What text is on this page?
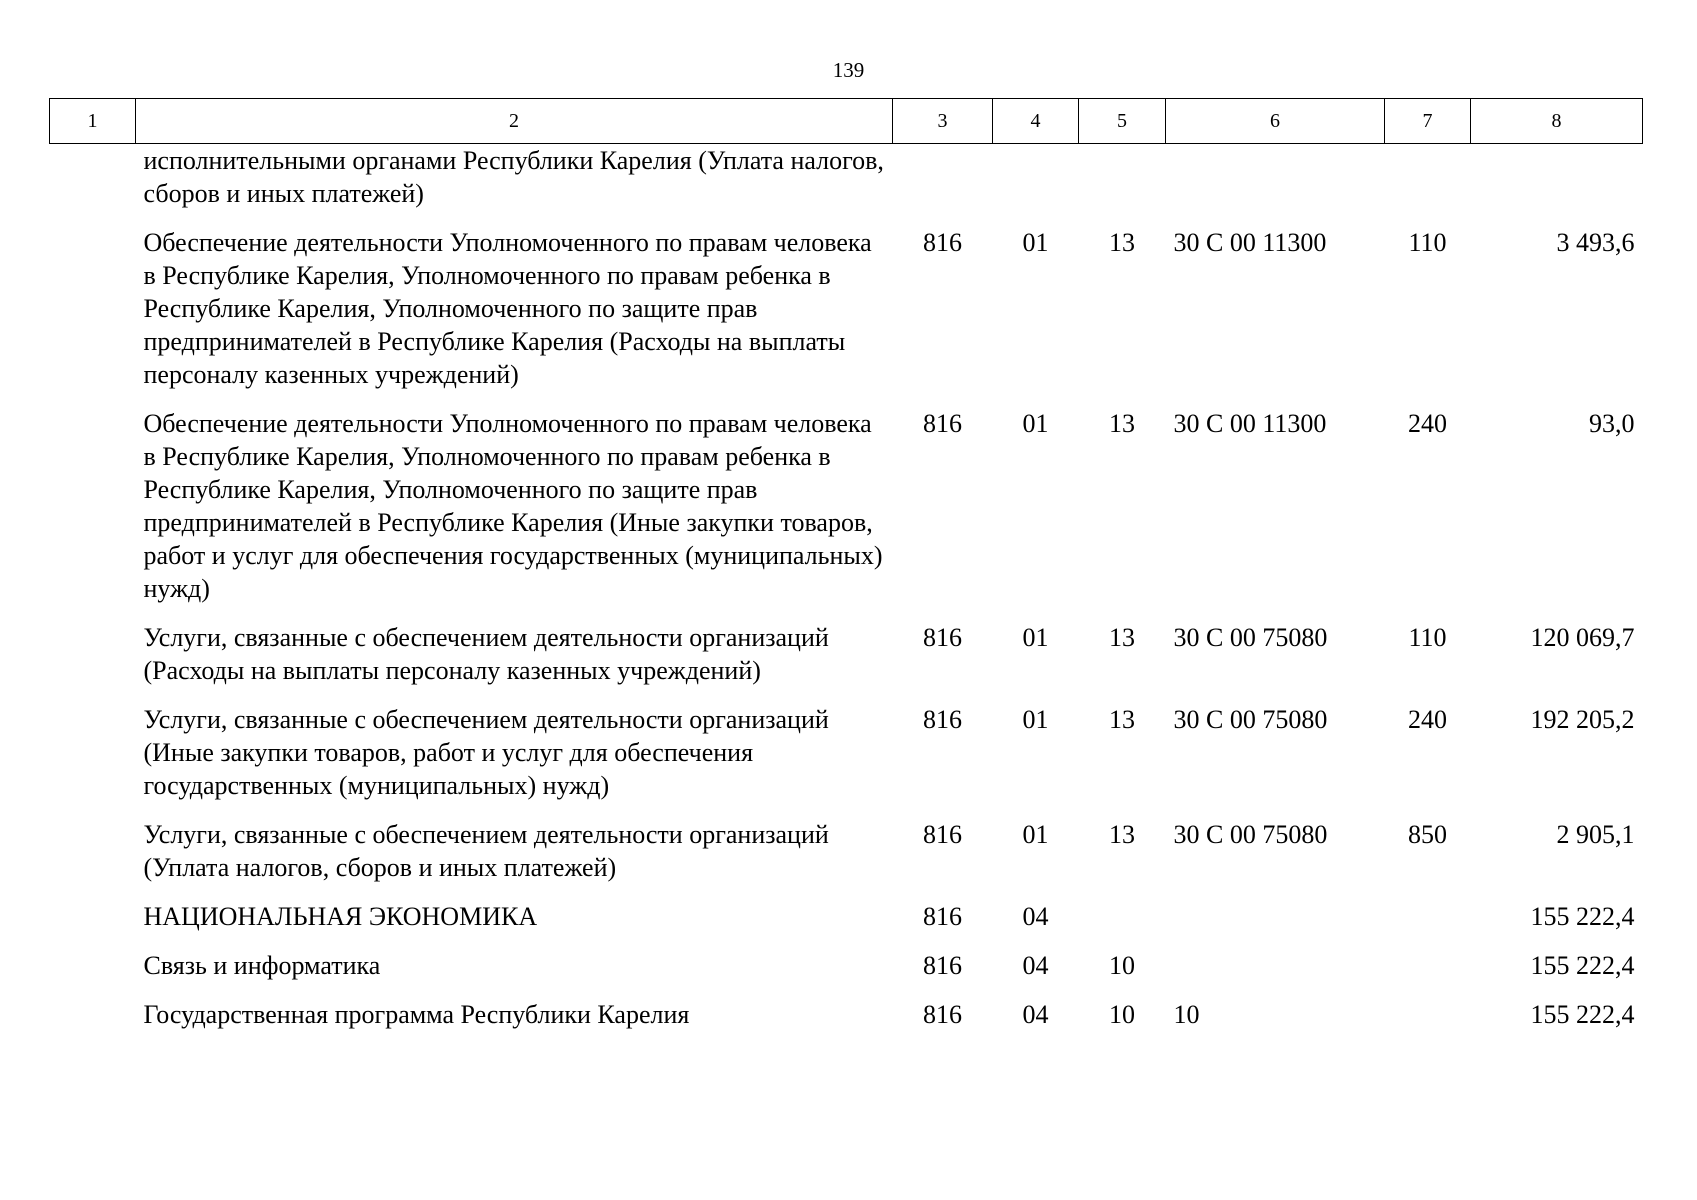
139
1	2	3	4	5	6	7	8
	исполнительными органами Республики Карелия (Уплата налогов, сборов и иных платежей)						
	Обеспечение деятельности Уполномоченного по правам человека в Республике Карелия, Уполномоченного по правам ребенка в Республике Карелия, Уполномоченного по защите прав предпринимателей в Республике Карелия (Расходы на выплаты персоналу казенных учреждений)	816	01	13	30 С 00 11300	110	3 493,6
	Обеспечение деятельности Уполномоченного по правам человека в Республике Карелия, Уполномоченного по правам ребенка в Республике Карелия, Уполномоченного по защите прав предпринимателей в Республике Карелия (Иные закупки товаров, работ и услуг для обеспечения государственных (муниципальных) нужд)	816	01	13	30 С 00 11300	240	93,0
	Услуги, связанные с обеспечением деятельности организаций (Расходы на выплаты персоналу казенных учреждений)	816	01	13	30 С 00 75080	110	120 069,7
	Услуги, связанные с обеспечением деятельности организаций (Иные закупки товаров, работ и услуг для обеспечения государственных (муниципальных) нужд)	816	01	13	30 С 00 75080	240	192 205,2
	Услуги, связанные с обеспечением деятельности организаций (Уплата налогов, сборов и иных платежей)	816	01	13	30 С 00 75080	850	2 905,1
	НАЦИОНАЛЬНАЯ ЭКОНОМИКА	816	04				155 222,4
	Связь и информатика	816	04	10			155 222,4
	Государственная программа Республики Карелия	816	04	10	10		155 222,4
